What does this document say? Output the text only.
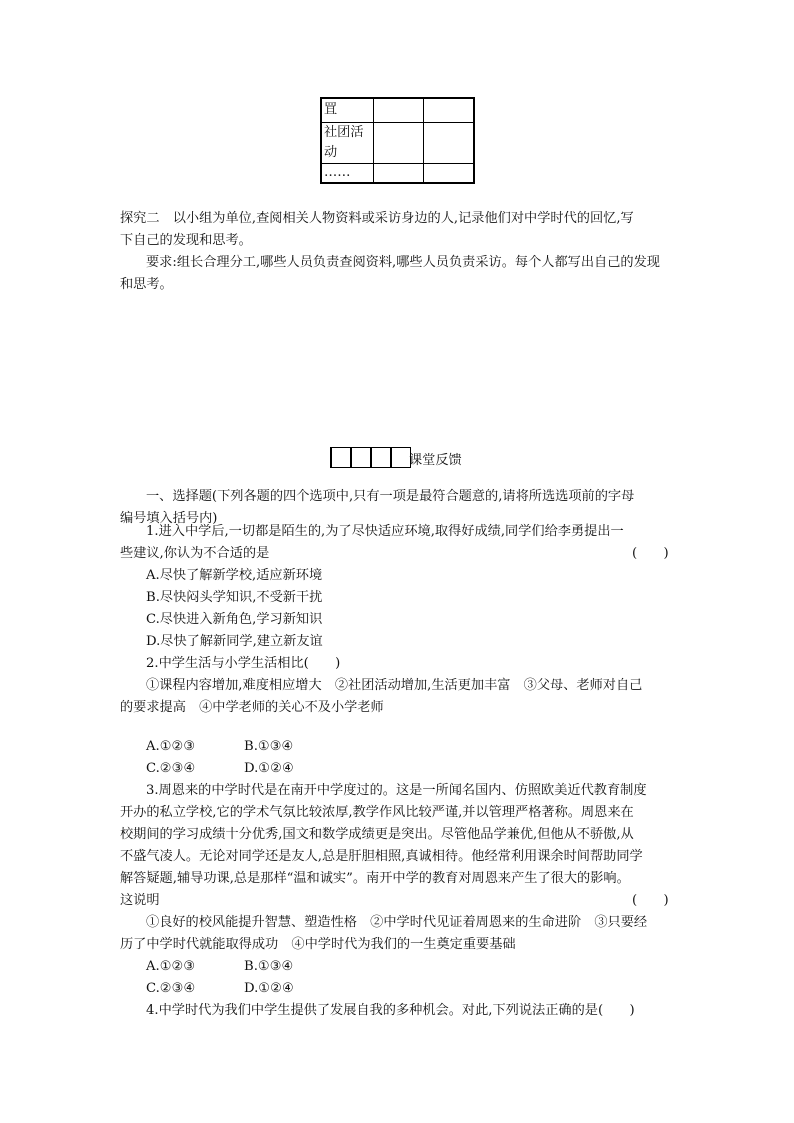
罝		
社团活动		
……		
探究二　以小组为单位,查阅相关人物资料或采访身边的人,记录他们对中学时代的回忆,写
下自己的发现和思考。
要求:组长合理分工,哪些人员负责查阅资料,哪些人员负责采访。每个人都写出自己的发现
和思考。
课堂反馈
一、选择题(下列各题的四个选项中,只有一项是最符合题意的,请将所选选项前的字母
编号填入括号内)
1.进入中学后,一切都是陌生的,为了尽快适应环境,取得好成绩,同学们给李勇提出一
些建议,你认为不合适的是	(　　)
A.尽快了解新学校,适应新环境
B.尽快闷头学知识,不受新干扰
C.尽快进入新角色,学习新知识
D.尽快了解新同学,建立新友谊
2.中学生活与小学生活相比(　　)
①课程内容增加,难度相应增大　②社团活动增加,生活更加丰富　③父母、老师对自己
的要求提高　④中学老师的关心不及小学老师
A.①②③	B.①③④
C.②③④	D.①②④
3.周恩来的中学时代是在南开中学度过的。这是一所闻名国内、仿照欧美近代教育制度
开办的私立学校,它的学术气氛比较浓厚,教学作风比较严谨,并以管理严格著称。周恩来在
校期间的学习成绩十分优秀,国文和数学成绩更是突出。尽管他品学兼优,但他从不骄傲,从
不盛气凌人。无论对同学还是友人,总是肝胆相照,真诚相待。他经常利用课余时间帮助同学
解答疑题,辅导功课,总是那样“温和诚实”。南开中学的教育对周恩来产生了很大的影响。
这说明	(　　)
①良好的校风能提升智慧、塑造性格　②中学时代见证着周恩来的生命进阶　③只要经
历了中学时代就能取得成功　④中学时代为我们的一生奠定重要基础
A.①②③	B.①③④
C.②③④	D.①②④
4.中学时代为我们中学生提供了发展自我的多种机会。对此,下列说法正确的是(　　)
